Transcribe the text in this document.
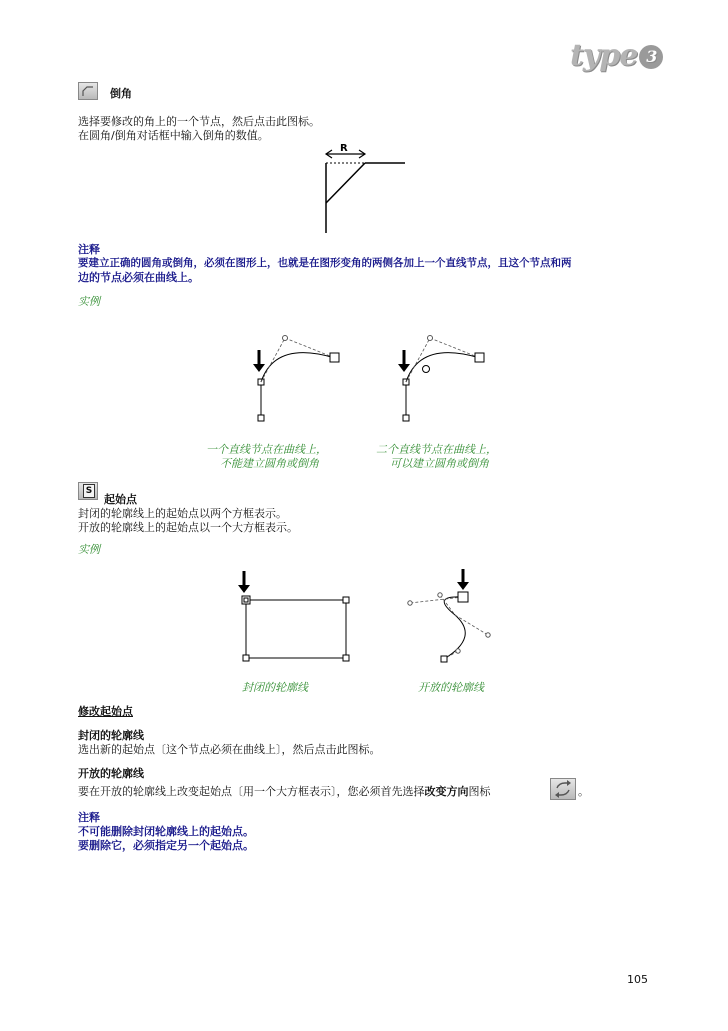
type 3
倒角
选择要修改的角上的一个节点，然后点击此图标。
在圆角/倒角对话框中输入倒角的数值。
R
注释
要建立正确的圆角或倒角，必须在图形上，也就是在图形变角的两侧各加上一个直线节点，且这个节点和两
边的节点必须在曲线上。
实例
一个直线节点在曲线上，
不能建立圆角或倒角
二个直线节点在曲线上，
可以建立圆角或倒角
S
起始点
封闭的轮廓线上的起始点以两个方框表示。
开放的轮廓线上的起始点以一个大方框表示。
实例
封闭的轮廓线	开放的轮廓线
修改起始点
封闭的轮廓线
选出新的起始点〔这个节点必须在曲线上〕，然后点击此图标。
开放的轮廓线
要在开放的轮廓线上改变起始点〔用一个大方框表示〕，您必须首先选择改变方向图标	。
注释
不可能删除封闭轮廓线上的起始点。
要删除它，必须指定另一个起始点。
105
